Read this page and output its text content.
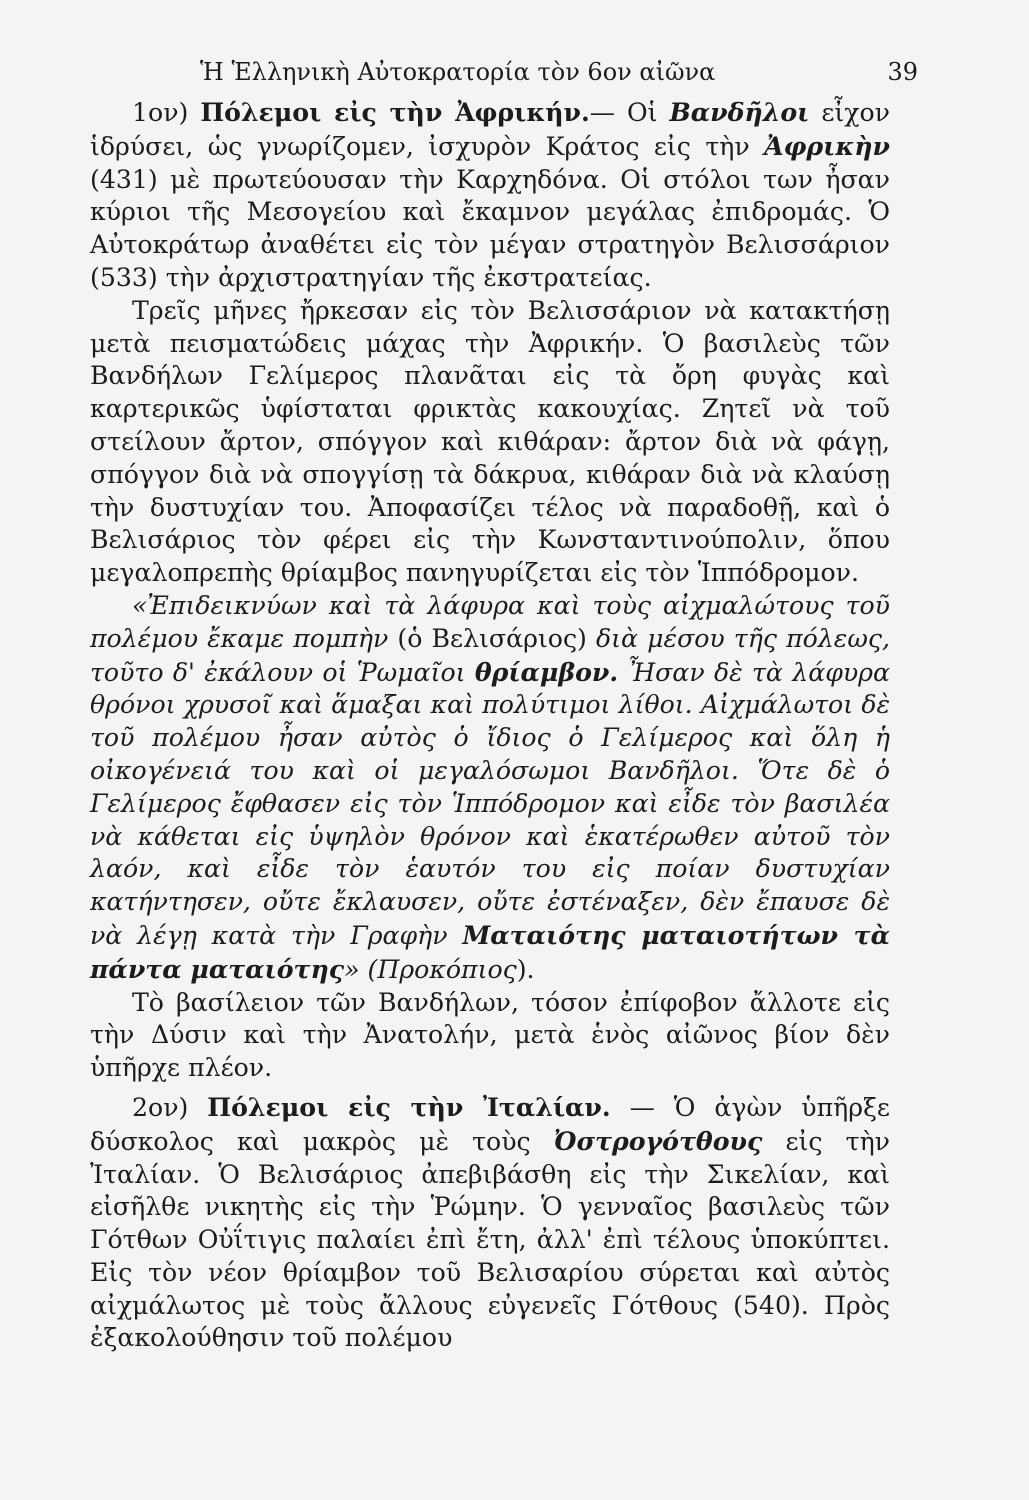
Ἡ Ἑλληνικὴ Αὐτοκρατορία τὸν 6ον αἰῶνα	39

1ον) Πόλεμοι εἰς τὴν Ἀφρικήν.— Οἱ Βανδῆλοι εἶχον ἱδρύσει, ὡς γνωρίζομεν, ἰσχυρὸν Κράτος εἰς τὴν Ἀφρικὴν (431) μὲ πρωτεύουσαν τὴν Καρχηδόνα. Οἱ στόλοι των ἦσαν κύριοι τῆς Μεσογείου καὶ ἔκαμνον μεγάλας ἐπιδρομάς. Ὁ Αὐτοκράτωρ ἀναθέτει εἰς τὸν μέγαν στρατηγὸν Βελισσάριον (533) τὴν ἀρχιστρατηγίαν τῆς ἐκστρατείας.

Τρεῖς μῆνες ἤρκεσαν εἰς τὸν Βελισσάριον νὰ κατακτήσῃ μετὰ πεισματώδεις μάχας τὴν Ἀφρικήν. Ὁ βασιλεὺς τῶν Βανδήλων Γελίμερος πλανᾶται εἰς τὰ ὄρη φυγὰς καὶ καρτερικῶς ὑφίσταται φρικτὰς κακουχίας. Ζητεῖ νὰ τοῦ στείλουν ἄρτον, σπόγγον καὶ κιθάραν: ἄρτον διὰ νὰ φάγῃ, σπόγγον διὰ νὰ σπογγίσῃ τὰ δάκρυα, κιθάραν διὰ νὰ κλαύσῃ τὴν δυστυχίαν του. Ἀποφασίζει τέλος νὰ παραδοθῇ, καὶ ὁ Βελισάριος τὸν φέρει εἰς τὴν Κωνσταντινούπολιν, ὅπου μεγαλοπρεπὴς θρίαμβος πανηγυρίζεται εἰς τὸν Ἱππόδρομον.

«Ἐπιδεικνύων καὶ τὰ λάφυρα καὶ τοὺς αἰχμαλώτους τοῦ πολέμου ἔκαμε πομπὴν (ὁ Βελισάριος) διὰ μέσου τῆς πόλεως, τοῦτο δ' ἐκάλουν οἱ Ῥωμαῖοι θρίαμβον. Ἦσαν δὲ τὰ λάφυρα θρόνοι χρυσοῖ καὶ ἅμαξαι καὶ πολύτιμοι λίθοι. Αἰχμάλωτοι δὲ τοῦ πολέμου ἦσαν αὐτὸς ὁ ἴδιος ὁ Γελίμερος καὶ ὅλη ἡ οἰκογένειά του καὶ οἱ μεγαλόσωμοι Βανδῆλοι. Ὅτε δὲ ὁ Γελίμερος ἔφθασεν εἰς τὸν Ἱππόδρομον καὶ εἶδε τὸν βασιλέα νὰ κάθεται εἰς ὑψηλὸν θρόνον καὶ ἑκατέρωθεν αὐτοῦ τὸν λαόν, καὶ εἶδε τὸν ἑαυτόν του εἰς ποίαν δυστυχίαν κατήντησεν, οὔτε ἔκλαυσεν, οὔτε ἐστέναξεν, δὲν ἔπαυσε δὲ νὰ λέγῃ κατὰ τὴν Γραφὴν Ματαιότης ματαιοτήτων τὰ πάντα ματαιότης» (Προκόπιος).

Τὸ βασίλειον τῶν Βανδήλων, τόσον ἐπίφοβον ἄλλοτε εἰς τὴν Δύσιν καὶ τὴν Ἀνατολήν, μετὰ ἑνὸς αἰῶνος βίον δὲν ὑπῆρχε πλέον.

2ον) Πόλεμοι εἰς τὴν Ἰταλίαν. — Ὁ ἀγὼν ὑπῆρξε δύσκολος καὶ μακρὸς μὲ τοὺς Ὀστρογότθους εἰς τὴν Ἰταλίαν. Ὁ Βελισάριος ἀπεβιβάσθη εἰς τὴν Σικελίαν, καὶ εἰσῆλθε νικητὴς εἰς τὴν Ῥώμην. Ὁ γενναῖος βασιλεὺς τῶν Γότθων Οὐΐτιγις παλαίει ἐπὶ ἔτη, ἀλλ' ἐπὶ τέλους ὑποκύπτει. Εἰς τὸν νέον θρίαμβον τοῦ Βελισαρίου σύρεται καὶ αὐτὸς αἰχμάλωτος μὲ τοὺς ἄλλους εὐγενεῖς Γότθους (540). Πρὸς ἐξακολούθησιν τοῦ πολέμου
